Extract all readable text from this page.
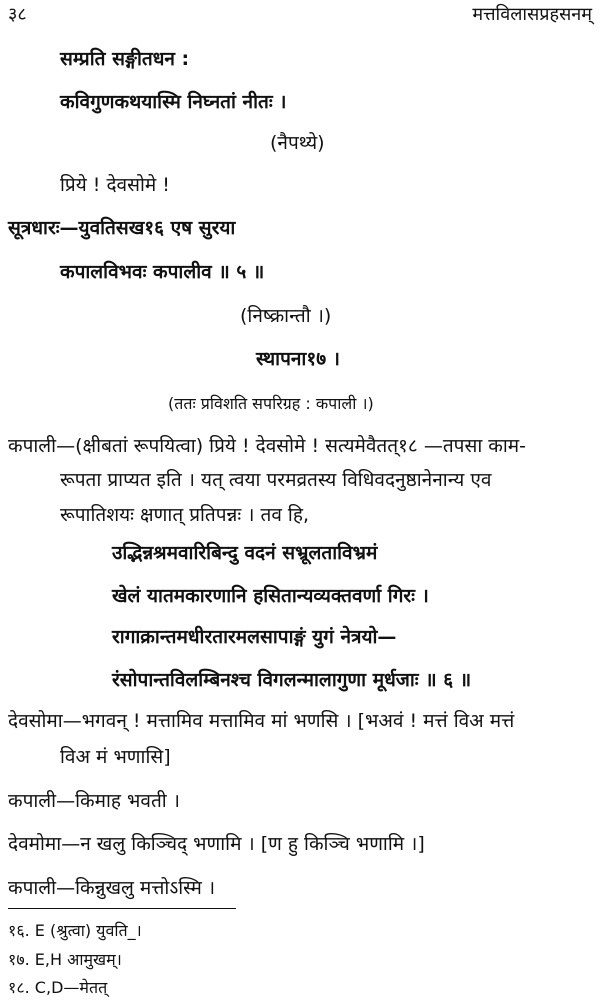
३८	मत्तविलासप्रहसनम्
सम्प्रति सङ्गीतधन :
कविगुणकथयास्मि निघ्नतां नीतः ।
(नैपथ्ये)
प्रिये ! देवसोमे !
सूत्रधारः—युवतिसख१६ एष सुरया
कपालविभवः कपालीव ॥ ५ ॥
(निष्क्रान्तौ ।)
स्थापना१७ ।
(ततः प्रविशति सपरिग्रह : कपाली ।)
कपाली—(क्षीबतां रूपयित्वा) प्रिये ! देवसोमे ! सत्यमेवैतत्१८ —तपसा काम-
रूपता प्राप्यत इति । यत् त्वया परमव्रतस्य विधिवदनुष्ठानेनान्य एव
रूपातिशयः क्षणात् प्रतिपन्नः । तव हि,
उद्भिन्नश्रमवारिबिन्दु वदनं सभ्रूलताविभ्रमं
खेलं यातमकारणानि हसितान्यव्यक्तवर्णा गिरः ।
रागाक्रान्तमधीरतारमलसापाङ्गं युगं नेत्रयो—
रंसोपान्तविलम्बिनश्च विगलन्मालागुणा मूर्धजाः ॥ ६ ॥
देवसोमा—भगवन् ! मत्तामिव मत्तामिव मां भणसि । [भअवं ! मत्तं विअ मत्तं
विअ मं भणासि]
कपाली—किमाह भवती ।
देवमोमा—न खलु किञ्चिद् भणामि । [ण हु किञ्चि भणामि ।]
कपाली—किन्नुखलु मत्तोऽस्मि ।
१६. E (श्रुत्वा) युवति_।
१७. E,H आमुखम्।
१८. C,D—मेतत्
